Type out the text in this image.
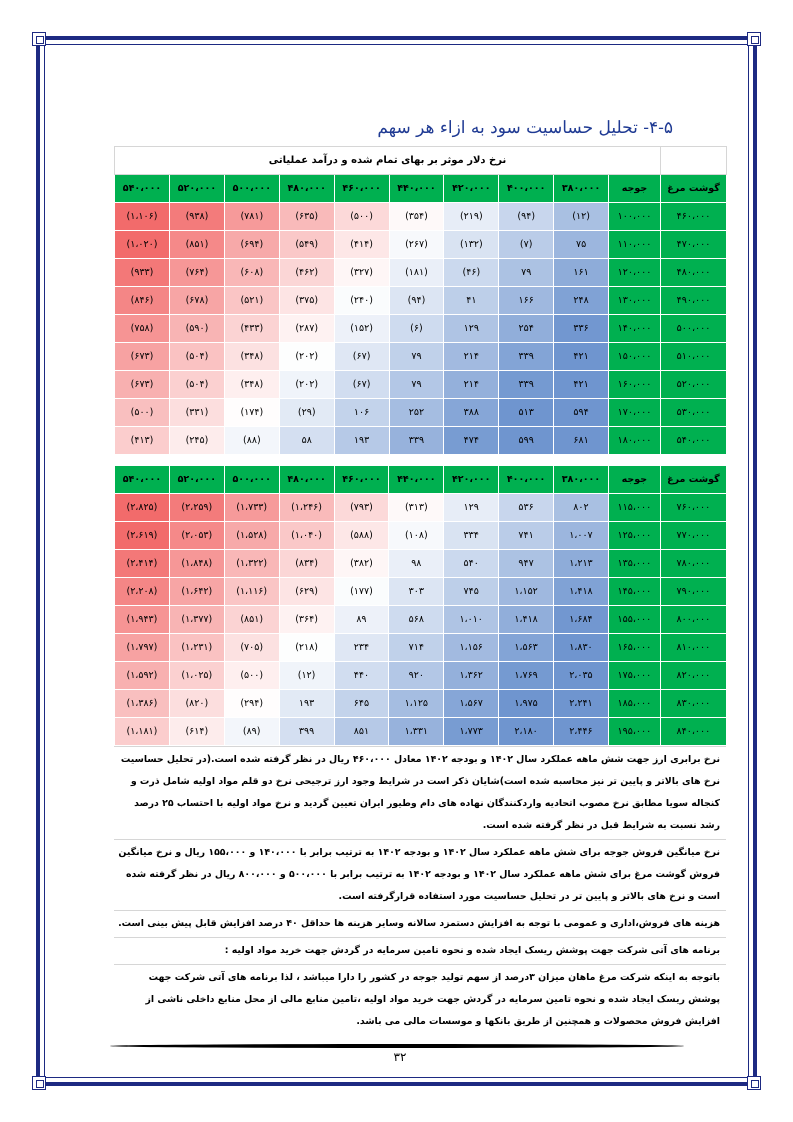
۴-۵- تحلیل حساسیت سود به ازاء هر سهم
	نرخ دلار موثر بر بهای تمام شده و درآمد عملیاتی									
گوشت مرغ	جوجه	۳۸۰،۰۰۰	۴۰۰،۰۰۰	۴۲۰،۰۰۰	۴۴۰،۰۰۰	۴۶۰،۰۰۰	۴۸۰،۰۰۰	۵۰۰،۰۰۰	۵۲۰،۰۰۰	۵۴۰،۰۰۰
۴۶۰،۰۰۰	۱۰۰،۰۰۰	(۱۲)	(۹۴)	(۲۱۹)	(۳۵۴)	(۵۰۰)	(۶۳۵)	(۷۸۱)	(۹۳۸)	(۱،۱۰۶)
۴۷۰،۰۰۰	۱۱۰،۰۰۰	۷۵	(۷)	(۱۳۲)	(۲۶۷)	(۴۱۴)	(۵۴۹)	(۶۹۴)	(۸۵۱)	(۱،۰۲۰)
۴۸۰،۰۰۰	۱۲۰،۰۰۰	۱۶۱	۷۹	(۴۶)	(۱۸۱)	(۳۲۷)	(۴۶۲)	(۶۰۸)	(۷۶۴)	(۹۳۳)
۴۹۰،۰۰۰	۱۳۰،۰۰۰	۲۴۸	۱۶۶	۴۱	(۹۴)	(۲۴۰)	(۳۷۵)	(۵۲۱)	(۶۷۸)	(۸۴۶)
۵۰۰،۰۰۰	۱۴۰،۰۰۰	۳۳۶	۲۵۴	۱۲۹	(۶)	(۱۵۲)	(۲۸۷)	(۴۳۳)	(۵۹۰)	(۷۵۸)
۵۱۰،۰۰۰	۱۵۰،۰۰۰	۴۲۱	۳۳۹	۲۱۴	۷۹	(۶۷)	(۲۰۲)	(۳۴۸)	(۵۰۴)	(۶۷۳)
۵۲۰،۰۰۰	۱۶۰،۰۰۰	۴۲۱	۳۳۹	۲۱۴	۷۹	(۶۷)	(۲۰۲)	(۳۴۸)	(۵۰۴)	(۶۷۳)
۵۳۰،۰۰۰	۱۷۰،۰۰۰	۵۹۴	۵۱۳	۳۸۸	۲۵۲	۱۰۶	(۲۹)	(۱۷۴)	(۳۳۱)	(۵۰۰)
۵۴۰،۰۰۰	۱۸۰،۰۰۰	۶۸۱	۵۹۹	۴۷۴	۳۳۹	۱۹۳	۵۸	(۸۸)	(۲۴۵)	(۴۱۳)
گوشت مرغ	جوجه	۳۸۰،۰۰۰	۴۰۰،۰۰۰	۴۲۰،۰۰۰	۴۴۰،۰۰۰	۴۶۰،۰۰۰	۴۸۰،۰۰۰	۵۰۰،۰۰۰	۵۲۰،۰۰۰	۵۴۰،۰۰۰
۷۶۰،۰۰۰	۱۱۵،۰۰۰	۸۰۲	۵۳۶	۱۲۹	(۳۱۳)	(۷۹۳)	(۱،۲۴۶)	(۱،۷۳۳)	(۲،۲۵۹)	(۲،۸۲۵)
۷۷۰،۰۰۰	۱۲۵،۰۰۰	۱،۰۰۷	۷۴۱	۳۳۴	(۱۰۸)	(۵۸۸)	(۱،۰۴۰)	(۱،۵۲۸)	(۲،۰۵۳)	(۲،۶۱۹)
۷۸۰،۰۰۰	۱۳۵،۰۰۰	۱،۲۱۳	۹۴۷	۵۴۰	۹۸	(۳۸۲)	(۸۳۴)	(۱،۳۲۲)	(۱،۸۴۸)	(۲،۴۱۴)
۷۹۰،۰۰۰	۱۴۵،۰۰۰	۱،۴۱۸	۱،۱۵۲	۷۴۵	۳۰۳	(۱۷۷)	(۶۲۹)	(۱،۱۱۶)	(۱،۶۴۲)	(۲،۲۰۸)
۸۰۰،۰۰۰	۱۵۵،۰۰۰	۱،۶۸۴	۱،۴۱۸	۱،۰۱۰	۵۶۸	۸۹	(۳۶۴)	(۸۵۱)	(۱،۳۷۷)	(۱،۹۴۳)
۸۱۰،۰۰۰	۱۶۵،۰۰۰	۱،۸۳۰	۱،۵۶۳	۱،۱۵۶	۷۱۴	۲۳۴	(۲۱۸)	(۷۰۵)	(۱،۲۳۱)	(۱،۷۹۷)
۸۲۰،۰۰۰	۱۷۵،۰۰۰	۲،۰۳۵	۱،۷۶۹	۱،۳۶۲	۹۲۰	۴۴۰	(۱۲)	(۵۰۰)	(۱،۰۲۵)	(۱،۵۹۲)
۸۳۰،۰۰۰	۱۸۵،۰۰۰	۲،۲۴۱	۱،۹۷۵	۱،۵۶۷	۱،۱۲۵	۶۴۵	۱۹۳	(۲۹۴)	(۸۲۰)	(۱،۳۸۶)
۸۴۰،۰۰۰	۱۹۵،۰۰۰	۲،۴۴۶	۲،۱۸۰	۱،۷۷۳	۱،۳۳۱	۸۵۱	۳۹۹	(۸۹)	(۶۱۴)	(۱،۱۸۱)
نرخ برابری ارز جهت شش ماهه عملکرد سال ۱۴۰۲ و بودجه ۱۴۰۲ معادل ۴۶۰،۰۰۰ ریال در نظر گرفته شده است.(در تحلیل حساسیت نرخ های بالاتر و پایین تر نیز محاسبه شده است)شایان ذکر است در شرایط وجود ارز ترجیحی نرخ دو قلم مواد اولیه شامل ذرت و کنجاله سویا مطابق نرخ مصوب اتحادیه واردکنندگان نهاده های دام وطیور ایران تعیین گردید و نرخ مواد اولیه با احتساب ۲۵ درصد رشد نسبت به شرایط قبل در نظر گرفته شده است.
نرخ میانگین فروش جوجه برای شش ماهه عملکرد سال ۱۴۰۲ و بودجه ۱۴۰۲ به ترتیب برابر با ۱۴۰،۰۰۰ و ۱۵۵،۰۰۰ ریال و نرخ میانگین فروش گوشت مرغ برای شش ماهه عملکرد سال ۱۴۰۲ و بودجه ۱۴۰۲ به ترتیب برابر با ۵۰۰،۰۰۰ و ۸۰۰،۰۰۰ ریال در نظر گرفته شده است و نرخ های بالاتر و پایین تر در تحلیل حساسیت مورد استفاده قرارگرفته است.
هزینه های فروش،اداری و عمومی با توجه به افزایش دستمزد سالانه وسایر هزینه ها حداقل ۴۰ درصد افزایش قابل پیش بینی است.
برنامه های آتی شرکت جهت پوشش ریسک ایجاد شده و نحوه تامین سرمایه در گردش جهت خرید مواد اولیه :
باتوجه به اینکه شرکت مرغ ماهان میزان ۳درصد از سهم تولید جوجه در کشور را دارا میباشد ، لذا برنامه های آتی شرکت جهت پوشش ریسک ایجاد شده و نحوه تامین سرمایه در گردش جهت خرید مواد اولیه ،تامین منابع مالی از محل منابع داخلی ناشی از افزایش فروش محصولات و همچنین از طریق بانکها و موسسات مالی می باشد.
۳۲
